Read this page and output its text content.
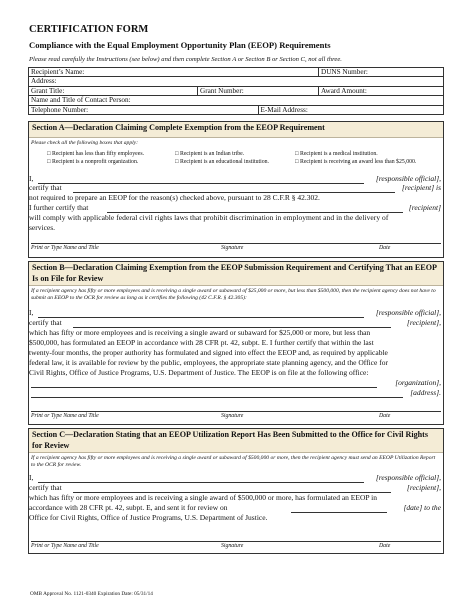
CERTIFICATION FORM
Compliance with the Equal Employment Opportunity Plan (EEOP) Requirements
Please read carefully the Instructions (see below) and then complete Section A or Section B or Section C, not all three.
Recipient’s Name:			DUNS Number:
Address:			
Grant Title:	Grant Number:		Award Amount:
Name and Title of Contact Person:			
Telephone Number:		E-Mail Address:	
Section A—Declaration Claiming Complete Exemption from the EEOP Requirement
Please check all the following boxes that apply:
□ Recipient has less than fifty employees.	□ Recipient is an Indian tribe.	□ Recipient is a medical institution.
□ Recipient is a nonprofit organization.	□ Recipient is an educational institution.	□ Recipient is receiving an award less than $25,000.
I,	[responsible official],
certify that	[recipient] is
not required to prepare an EEOP for the reason(s) checked above, pursuant to 28 C.F.R § 42.302.
I further certify that	[recipient]
will comply with applicable federal civil rights laws that prohibit discrimination in employment and in the delivery of
services.
Print or Type Name and Title	Signature	Date
Section B—Declaration Claiming Exemption from the EEOP Submission Requirement and Certifying That an EEOP Is on File for Review
If a recipient agency has fifty or more employees and is receiving a single award or subaward of $25,000 or more, but less than $500,000, then the recipient agency does not have to submit an EEOP to the OCR for review as long as it certifies the following (42 C.F.R. § 42.305):
I,	[responsible official],
certify that	[recipient],
which has fifty or more employees and is receiving a single award or subaward for $25,000 or more, but less than
$500,000, has formulated an EEOP in accordance with 28 CFR pt. 42, subpt. E. I further certify that within the last
twenty-four months, the proper authority has formulated and signed into effect the EEOP and, as required by applicable
federal law, it is available for review by the public, employees, the appropriate state planning agency, and the Office for
Civil Rights, Office of Justice Programs, U.S. Department of Justice. The EEOP is on file at the following office:
[organization],
[address].
Print or Type Name and Title	Signature	Date
Section C—Declaration Stating that an EEOP Utilization Report Has Been Submitted to the Office for Civil Rights for Review
If a recipient agency has fifty or more employees and is receiving a single award or subaward of $500,000 or more, then the recipient agency must send an EEOP Utilization Report to the OCR for review.
I,	[responsible official],
certify that	[recipient],
which has fifty or more employees and is receiving a single award of $500,000 or more, has formulated an EEOP in
accordance with 28 CFR pt. 42, subpt. E, and sent it for review on	[date] to the
Office for Civil Rights, Office of Justice Programs, U.S. Department of Justice.
Print or Type Name and Title	Signature	Date
OMB Approval No. 1121-0340 Expiration Date: 05/31/14
